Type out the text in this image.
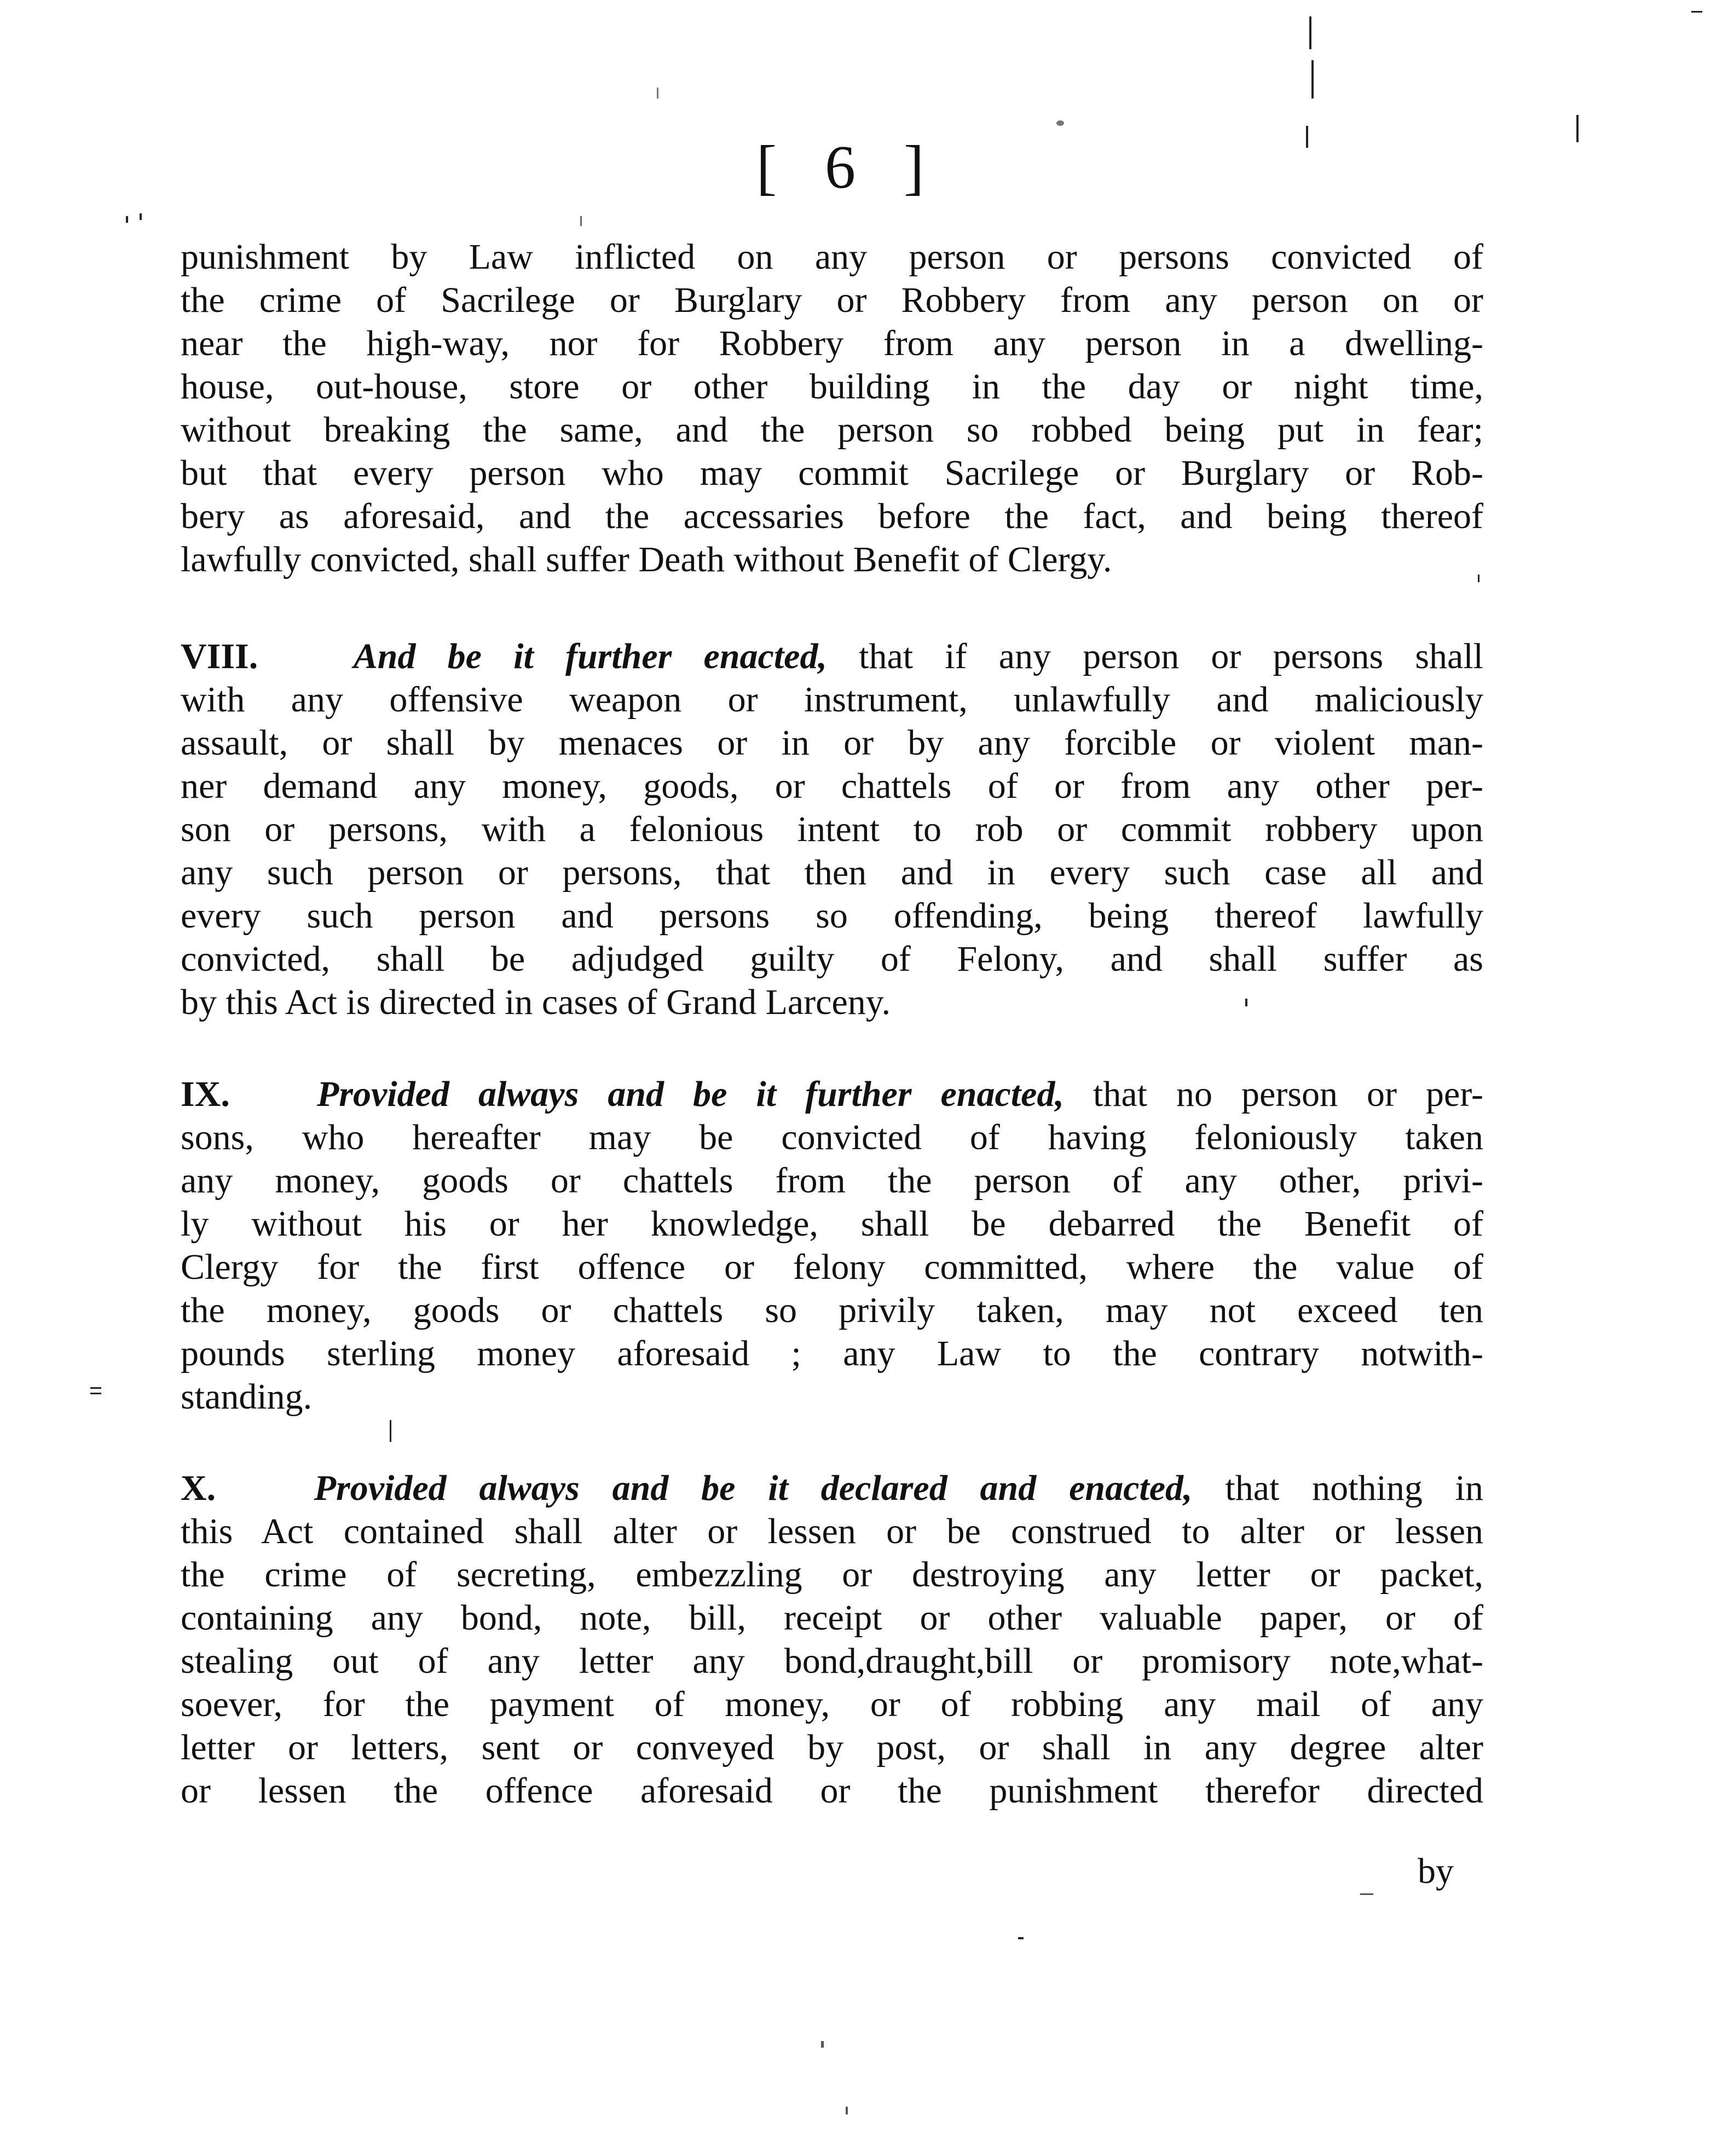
[ 6 ]
punishment by Law inflicted on any person or persons convicted of
the crime of Sacrilege or Burglary or Robbery from any person on or
near the high-way, nor for Robbery from any person in a dwelling-
house, out-house, store or other building in the day or night time,
without breaking the same, and the person so robbed being put in fear;
but that every person who may commit Sacrilege or Burglary or Rob-
bery as aforesaid, and the accessaries before the fact, and being thereof
lawfully convicted, shall suffer Death without Benefit of Clergy.
VIII.	And be it further enacted, that if any person or persons shall
with any offensive weapon or instrument, unlawfully and maliciously
assault, or shall by menaces or in or by any forcible or violent man-
ner demand any money, goods, or chattels of or from any other per-
son or persons, with a felonious intent to rob or commit robbery upon
any such person or persons, that then and in every such case all and
every such person and persons so offending, being thereof lawfully
convicted, shall be adjudged guilty of Felony, and shall suffer as
by this Act is directed in cases of Grand Larceny.
IX. Provided always and be it further enacted, that no person or per-
sons, who hereafter may be convicted of having feloniously taken
any money, goods or chattels from the person of any other, privi-
ly without his or her knowledge, shall be debarred the Benefit of
Clergy for the first offence or felony committed, where the value of
the money, goods or chattels so privily taken, may not exceed ten
pounds sterling money aforesaid ; any Law to the contrary notwith-
standing.
X.	Provided always and be it declared and enacted, that nothing in
this Act contained shall alter or lessen or be construed to alter or lessen
the crime of secreting, embezzling or destroying any letter or packet,
containing any bond, note, bill, receipt or other valuable paper, or of
stealing out of any letter any bond,draught,bill or promisory note,what-
soever, for the payment of money, or of robbing any mail of any
letter or letters, sent or conveyed by post, or shall in any degree alter
or lessen the offence aforesaid or the punishment therefor directed
by
